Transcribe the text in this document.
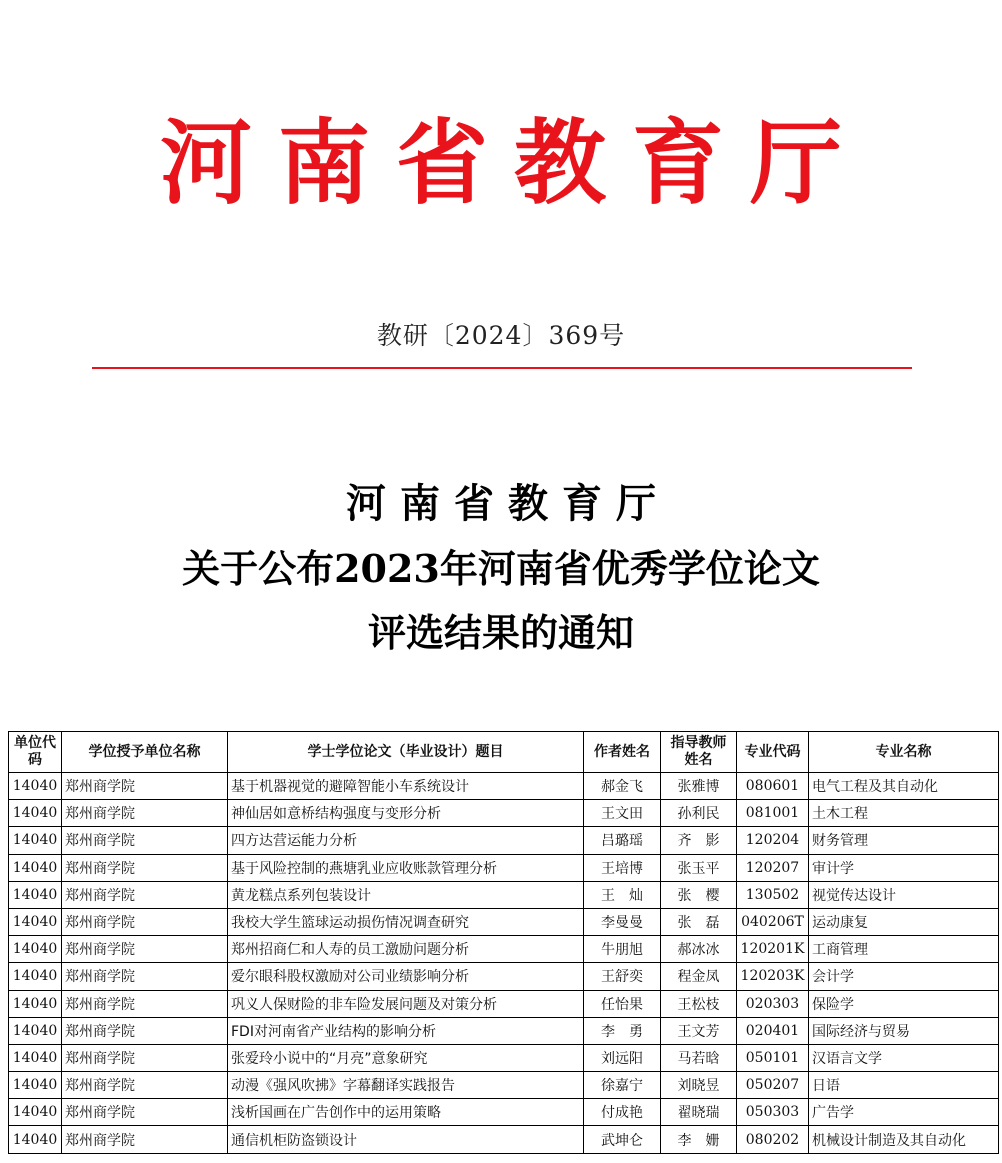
河南省教育厅
教研〔2024〕369号
河南省教育厅
关于公布2023年河南省优秀学位论文
评选结果的通知
单位代码	学位授予单位名称	学士学位论文（毕业设计）题目	作者姓名	指导教师姓名	专业代码	专业名称
14040	郑州商学院	基于机器视觉的避障智能小车系统设计	郝金飞	张雅博	080601	电气工程及其自动化
14040	郑州商学院	神仙居如意桥结构强度与变形分析	王文田	孙利民	081001	土木工程
14040	郑州商学院	四方达营运能力分析	吕璐瑶	齐　影	120204	财务管理
14040	郑州商学院	基于风险控制的燕塘乳业应收账款管理分析	王培博	张玉平	120207	审计学
14040	郑州商学院	黄龙糕点系列包装设计	王　灿	张　樱	130502	视觉传达设计
14040	郑州商学院	我校大学生篮球运动损伤情况调查研究	李曼曼	张　磊	040206T	运动康复
14040	郑州商学院	郑州招商仁和人寿的员工激励问题分析	牛朋旭	郝冰冰	120201K	工商管理
14040	郑州商学院	爱尔眼科股权激励对公司业绩影响分析	王舒奕	程金凤	120203K	会计学
14040	郑州商学院	巩义人保财险的非车险发展问题及对策分析	任怡果	王松枝	020303	保险学
14040	郑州商学院	FDI对河南省产业结构的影响分析	李　勇	王文芳	020401	国际经济与贸易
14040	郑州商学院	张爱玲小说中的“月亮”意象研究	刘远阳	马若晗	050101	汉语言文学
14040	郑州商学院	动漫《强风吹拂》字幕翻译实践报告	徐嘉宁	刘晓昱	050207	日语
14040	郑州商学院	浅析国画在广告创作中的运用策略	付成艳	翟晓瑞	050303	广告学
14040	郑州商学院	通信机柜防盗锁设计	武坤仑	李　姗	080202	机械设计制造及其自动化
